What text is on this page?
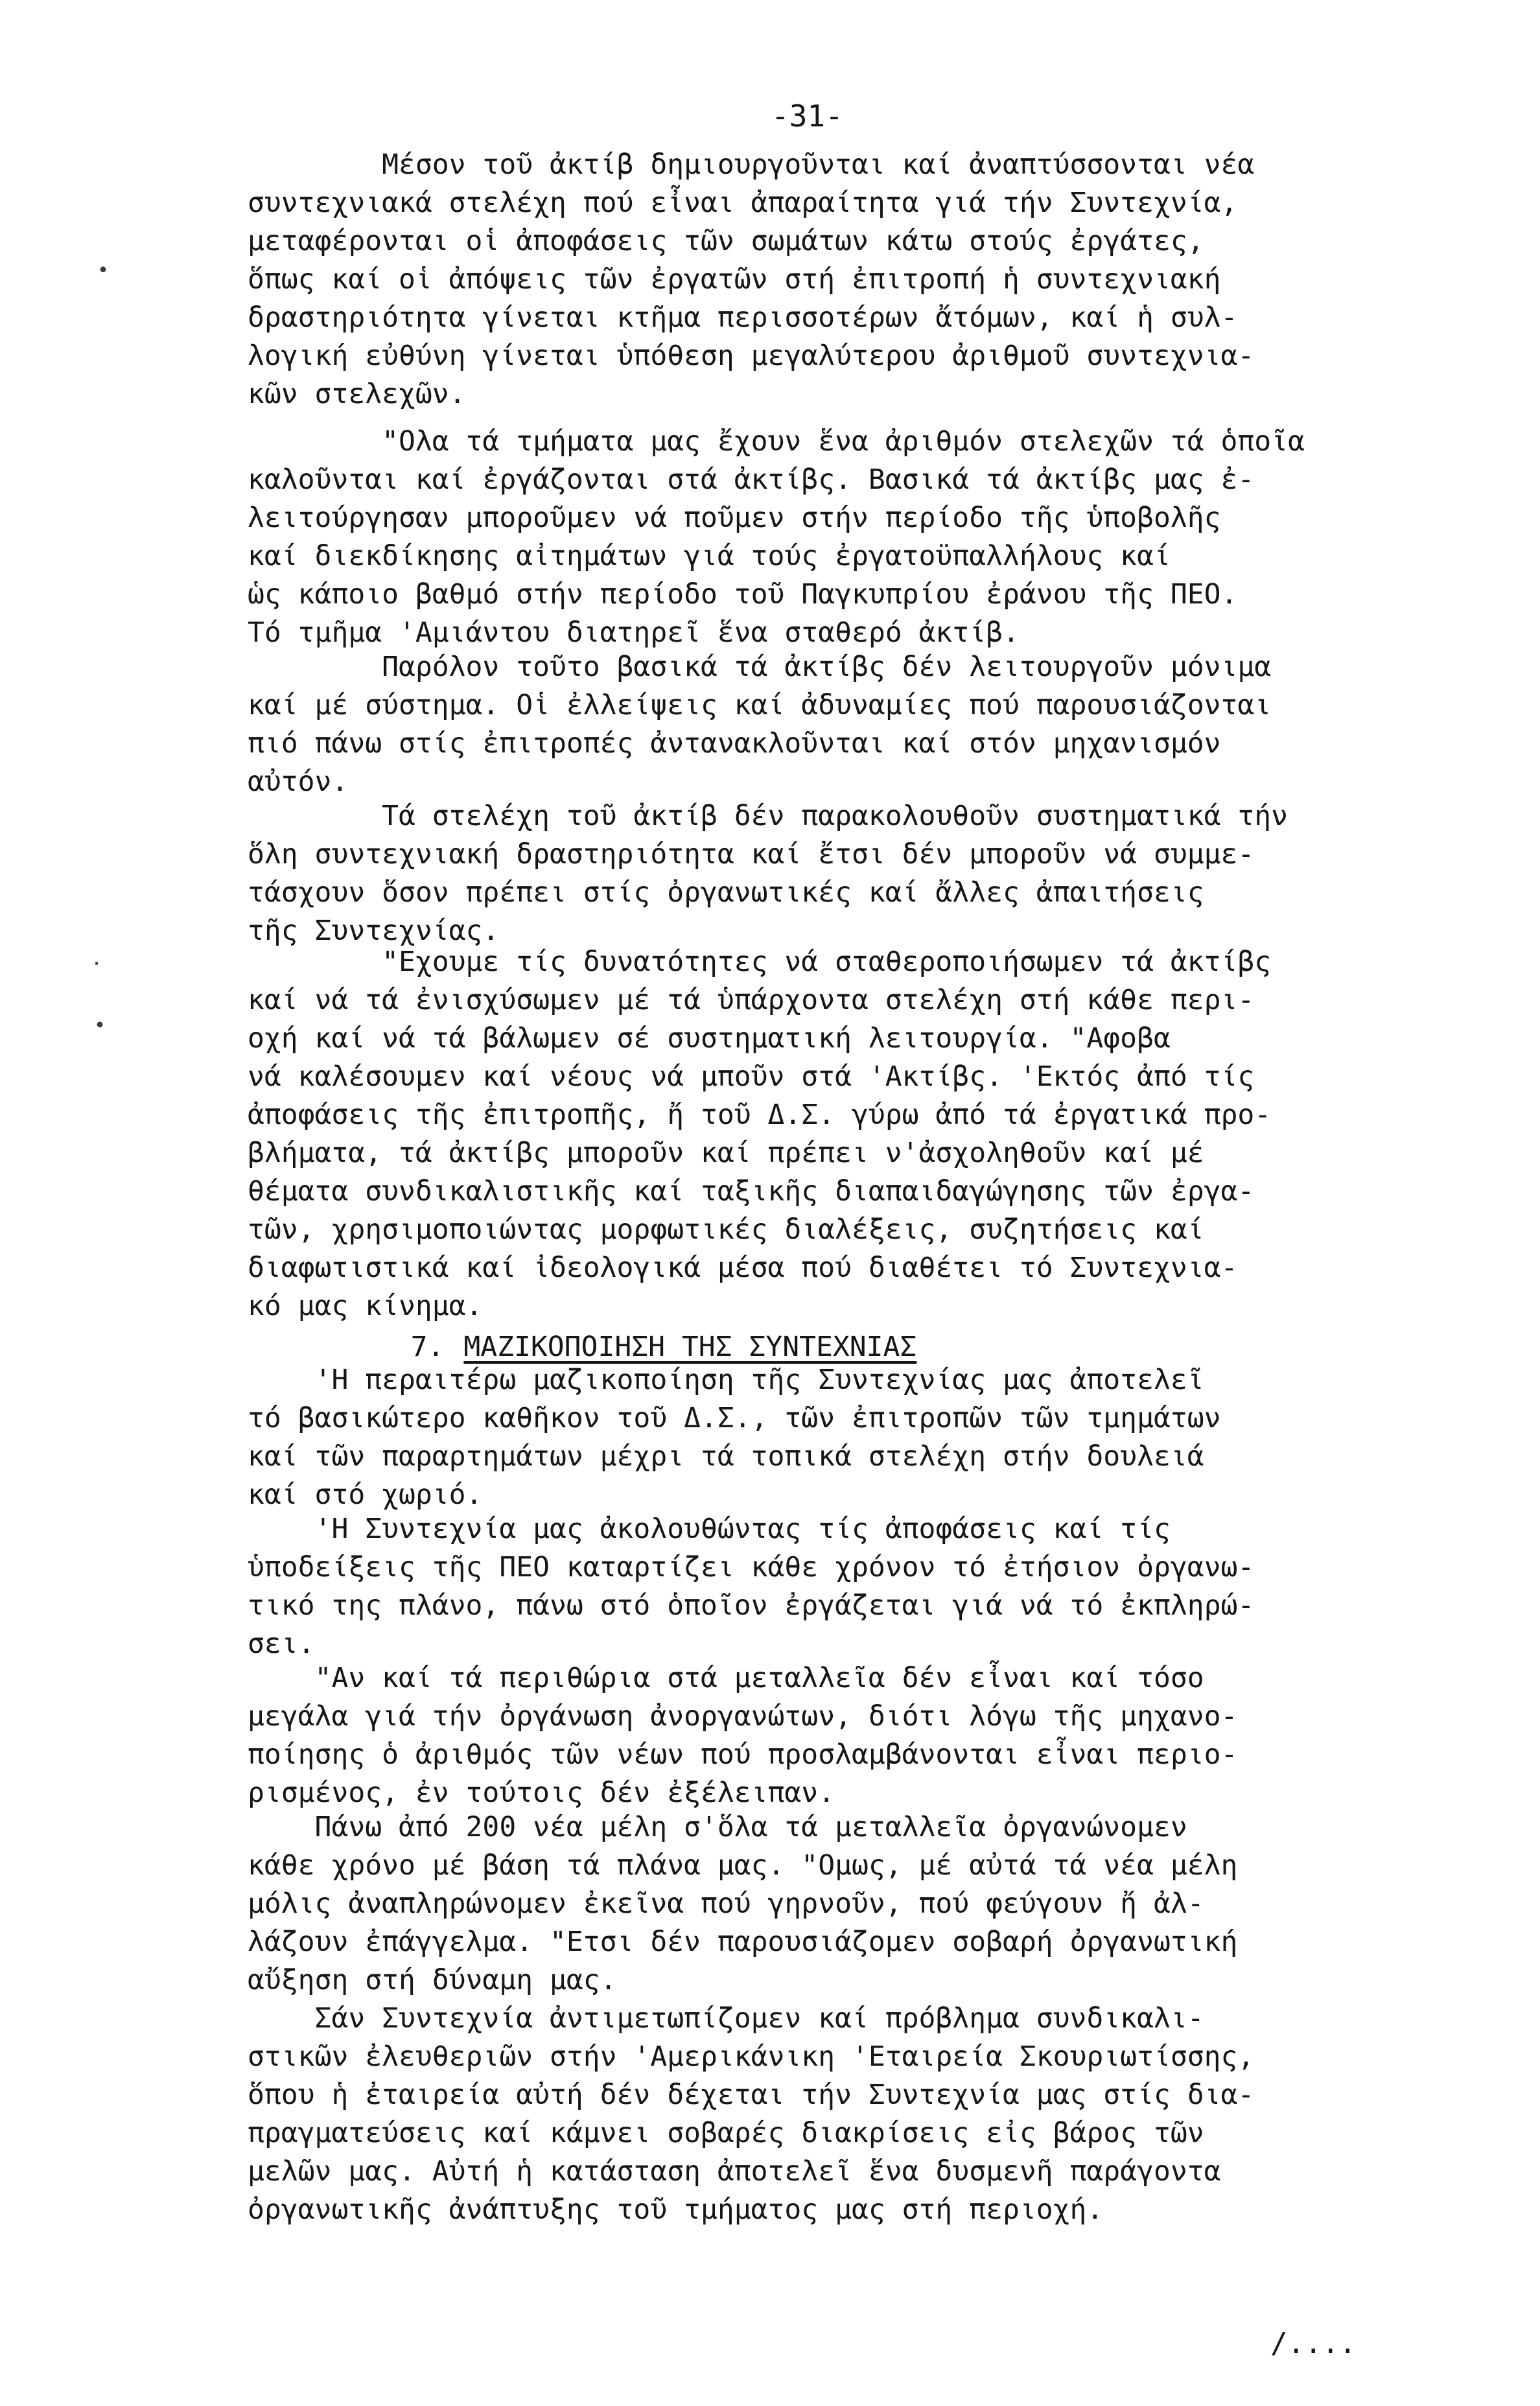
-31-
Μέσον τοῦ ἀκτίβ δημιουργοῦνται καί ἀναπτύσσονται νέα
συντεχνιακά στελέχη πού εἶναι ἀπαραίτητα γιά τήν Συντεχνία,
μεταφέρονται οἱ ἀποφάσεις τῶν σωμάτων κάτω στούς ἐργάτες,
ὅπως καί οἱ ἀπόψεις τῶν ἐργατῶν στή ἐπιτροπή ἡ συντεχνιακή
δραστηριότητα γίνεται κτῆμα περισσοτέρων ἄτόμων, καί ἡ συλ-
λογική εὐθύνη γίνεται ὑπόθεση μεγαλύτερου ἀριθμοῦ συντεχνια-
κῶν στελεχῶν.
"Ολα τά τμήματα μας ἔχουν ἕνα ἀριθμόν στελεχῶν τά ὁποῖα
καλοῦνται καί ἐργάζονται στά ἀκτίβς. Βασικά τά ἀκτίβς μας ἐ-
λειτούργησαν μποροῦμεν νά ποῦμεν στήν περίοδο τῆς ὑποβολῆς
καί διεκδίκησης αἰτημάτων γιά τούς ἐργατοϋπαλλήλους καί
ὡς κάποιο βαθμό στήν περίοδο τοῦ Παγκυπρίου ἐράνου τῆς ΠΕΟ.
Τό τμῆμα 'Αμιάντου διατηρεῖ ἕνα σταθερό ἀκτίβ.
Παρόλον τοῦτο βασικά τά ἀκτίβς δέν λειτουργοῦν μόνιμα
καί μέ σύστημα. Οἱ ἐλλείψεις καί ἀδυναμίες πού παρουσιάζονται
πιό πάνω στίς ἐπιτροπές ἀντανακλοῦνται καί στόν μηχανισμόν
αὐτόν.
Τά στελέχη τοῦ ἀκτίβ δέν παρακολουθοῦν συστηματικά τήν
ὅλη συντεχνιακή δραστηριότητα καί ἔτσι δέν μποροῦν νά συμμε-
τάσχουν ὅσον πρέπει στίς ὀργανωτικές καί ἄλλες ἀπαιτήσεις
τῆς Συντεχνίας.
"Εχουμε τίς δυνατότητες νά σταθεροποιήσωμεν τά ἀκτίβς
καί νά τά ἐνισχύσωμεν μέ τά ὑπάρχοντα στελέχη στή κάθε περι-
οχή καί νά τά βάλωμεν σέ συστηματική λειτουργία. "Αφοβα
νά καλέσουμεν καί νέους νά μποῦν στά 'Ακτίβς. 'Εκτός ἀπό τίς
ἀποφάσεις τῆς ἐπιτροπῆς, ἤ τοῦ Δ.Σ. γύρω ἀπό τά ἐργατικά προ-
βλήματα, τά ἀκτίβς μποροῦν καί πρέπει ν'ἀσχοληθοῦν καί μέ
θέματα συνδικαλιστικῆς καί ταξικῆς διαπαιδαγώγησης τῶν ἐργα-
τῶν, χρησιμοποιώντας μορφωτικές διαλέξεις, συζητήσεις καί
διαφωτιστικά καί ἰδεολογικά μέσα πού διαθέτει τό Συντεχνια-
κό μας κίνημα.

7. ΜΑΖΙΚΟΠΟΙΗΣΗ ΤΗΣ ΣΥΝΤΕΧΝΙΑΣ

'Η περαιτέρω μαζικοποίηση τῆς Συντεχνίας μας ἀποτελεῖ
τό βασικώτερο καθῆκον τοῦ Δ.Σ., τῶν ἐπιτροπῶν τῶν τμημάτων
καί τῶν παραρτημάτων μέχρι τά τοπικά στελέχη στήν δουλειά
καί στό χωριό.
'Η Συντεχνία μας ἀκολουθώντας τίς ἀποφάσεις καί τίς
ὑποδείξεις τῆς ΠΕΟ καταρτίζει κάθε χρόνον τό ἐτήσιον ὀργανω-
τικό της πλάνο, πάνω στό ὁποῖον ἐργάζεται γιά νά τό ἐκπληρώ-
σει.
"Αν καί τά περιθώρια στά μεταλλεῖα δέν εἶναι καί τόσο
μεγάλα γιά τήν ὀργάνωση ἀνοργανώτων, διότι λόγω τῆς μηχανο-
ποίησης ὁ ἀριθμός τῶν νέων πού προσλαμβάνονται εἶναι περιο-
ρισμένος, ἐν τούτοις δέν ἐξέλειπαν.
Πάνω ἀπό 200 νέα μέλη σ'ὅλα τά μεταλλεῖα ὀργανώνομεν
κάθε χρόνο μέ βάση τά πλάνα μας. "Ομως, μέ αὐτά τά νέα μέλη
μόλις ἀναπληρώνομεν ἐκεῖνα πού γηρνοῦν, πού φεύγουν ἤ ἀλ-
λάζουν ἐπάγγελμα. "Ετσι δέν παρουσιάζομεν σοβαρή ὀργανωτική
αὔξηση στή δύναμη μας.
Σάν Συντεχνία ἀντιμετωπίζομεν καί πρόβλημα συνδικαλι-
στικῶν ἐλευθεριῶν στήν 'Αμερικάνικη 'Εταιρεία Σκουριωτίσσης,
ὅπου ἡ ἐταιρεία αὐτή δέν δέχεται τήν Συντεχνία μας στίς δια-
πραγματεύσεις καί κάμνει σοβαρές διακρίσεις εἰς βάρος τῶν
μελῶν μας. Αὐτή ἡ κατάσταση ἀποτελεῖ ἕνα δυσμενῆ παράγοντα
ὀργανωτικῆς ἀνάπτυξης τοῦ τμήματος μας στή περιοχή.
/....
•
·
•
